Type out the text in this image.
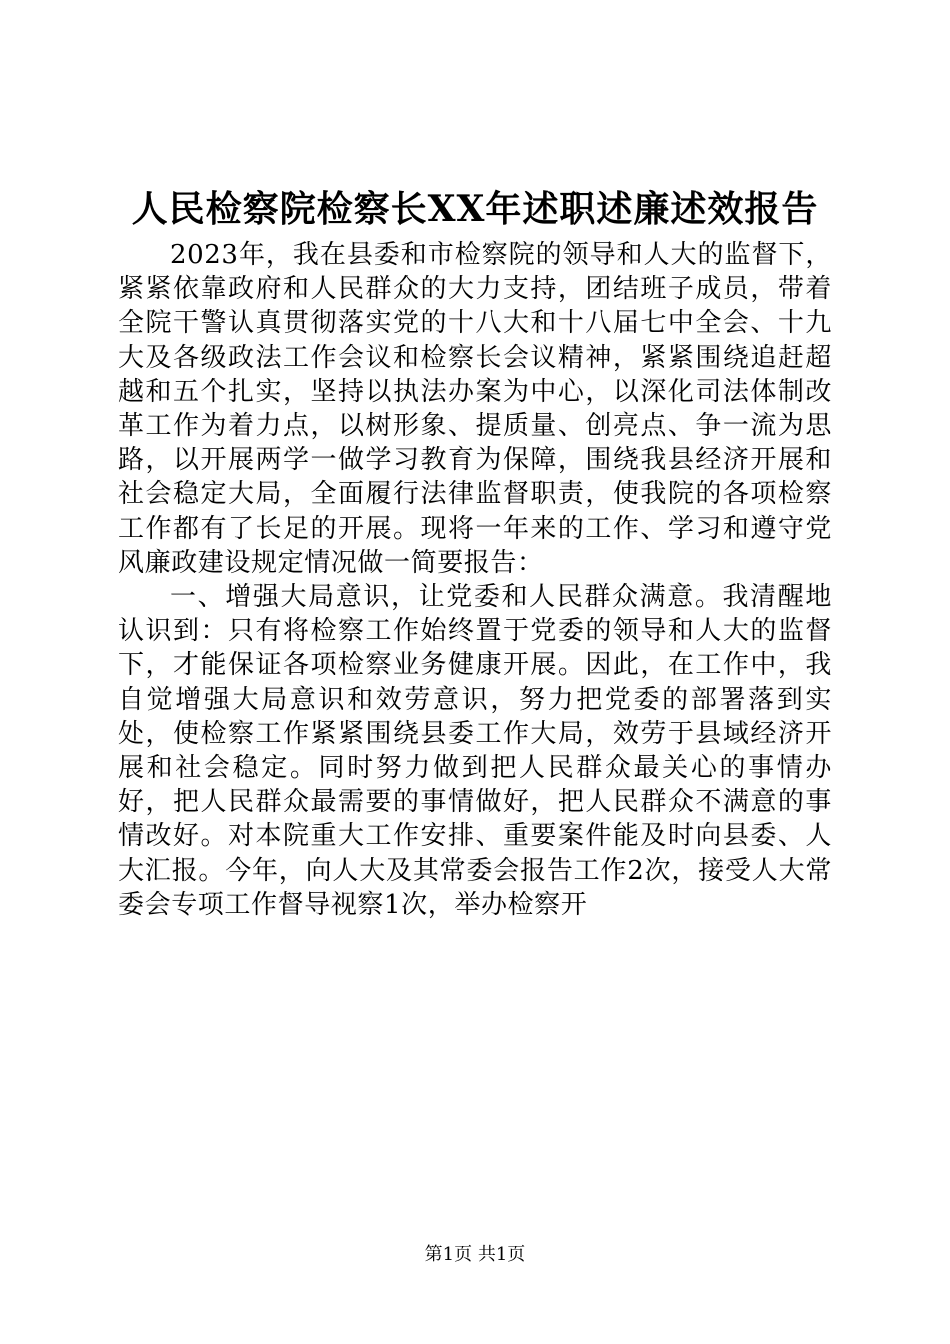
人民检察院检察长XX年述职述廉述效报告

2023年，我在县委和市检察院的领导和人大的监督下，紧紧依靠政府和人民群众的大力支持，团结班子成员，带着全院干警认真贯彻落实党的十八大和十八届七中全会、十九大及各级政法工作会议和检察长会议精神，紧紧围绕追赶超越和五个扎实，坚持以执法办案为中心，以深化司法体制改革工作为着力点，以树形象、提质量、创亮点、争一流为思路，以开展两学一做学习教育为保障，围绕我县经济开展和社会稳定大局，全面履行法律监督职责，使我院的各项检察工作都有了长足的开展。现将一年来的工作、学习和遵守党风廉政建设规定情况做一简要报告：

一、增强大局意识，让党委和人民群众满意。我清醒地认识到：只有将检察工作始终置于党委的领导和人大的监督下，才能保证各项检察业务健康开展。因此，在工作中，我自觉增强大局意识和效劳意识，努力把党委的部署落到实处，使检察工作紧紧围绕县委工作大局，效劳于县域经济开展和社会稳定。同时努力做到把人民群众最关心的事情办好，把人民群众最需要的事情做好，把人民群众不满意的事情改好。对本院重大工作安排、重要案件能及时向县委、人大汇报。今年，向人大及其常委会报告工作2次，接受人大常委会专项工作督导视察1次，举办检察开

第1页 共1页
